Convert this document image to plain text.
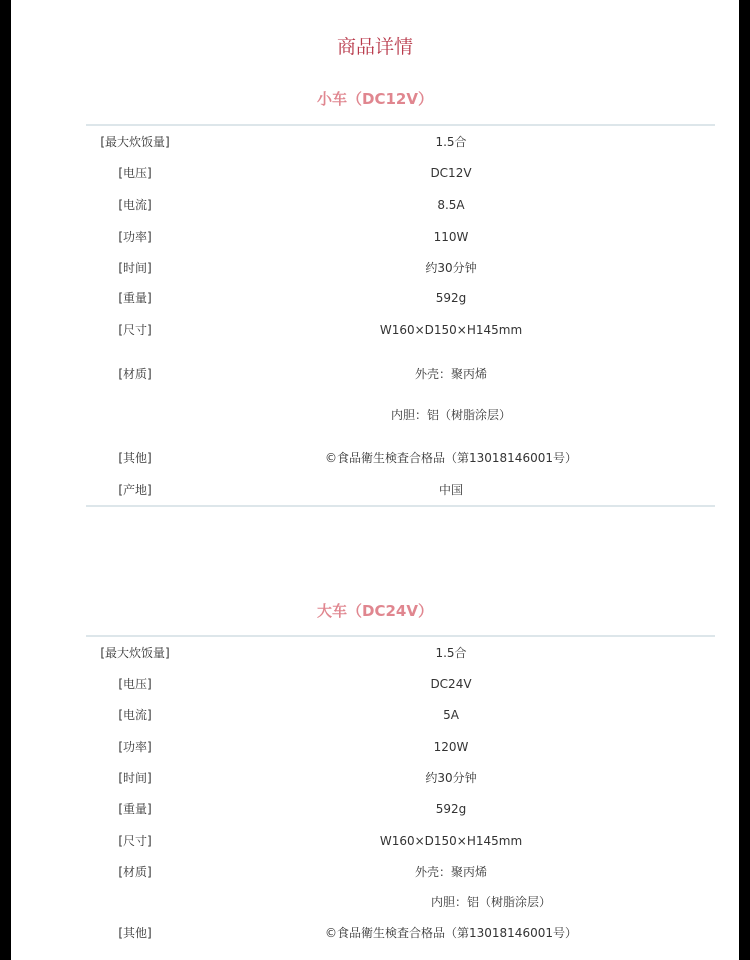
商品详情
小车（DC12V）
[最大炊饭量]	1.5合
[电压]	DC12V
[电流]	8.5A
[功率]	110W
[时间]	约30分钟
[重量]	592g
[尺寸]	W160×D150×H145mm
[材质]	外壳：聚丙烯
内胆：铝（树脂涂层）
[其他]	©食品衛生検査合格品（第13018146001号）
[产地]	中国
大车（DC24V）
[最大炊饭量]	1.5合
[电压]	DC24V
[电流]	5A
[功率]	120W
[时间]	约30分钟
[重量]	592g
[尺寸]	W160×D150×H145mm
[材质]	外壳：聚丙烯
内胆：铝（树脂涂层）
[其他]	©食品衛生検査合格品（第13018146001号）
